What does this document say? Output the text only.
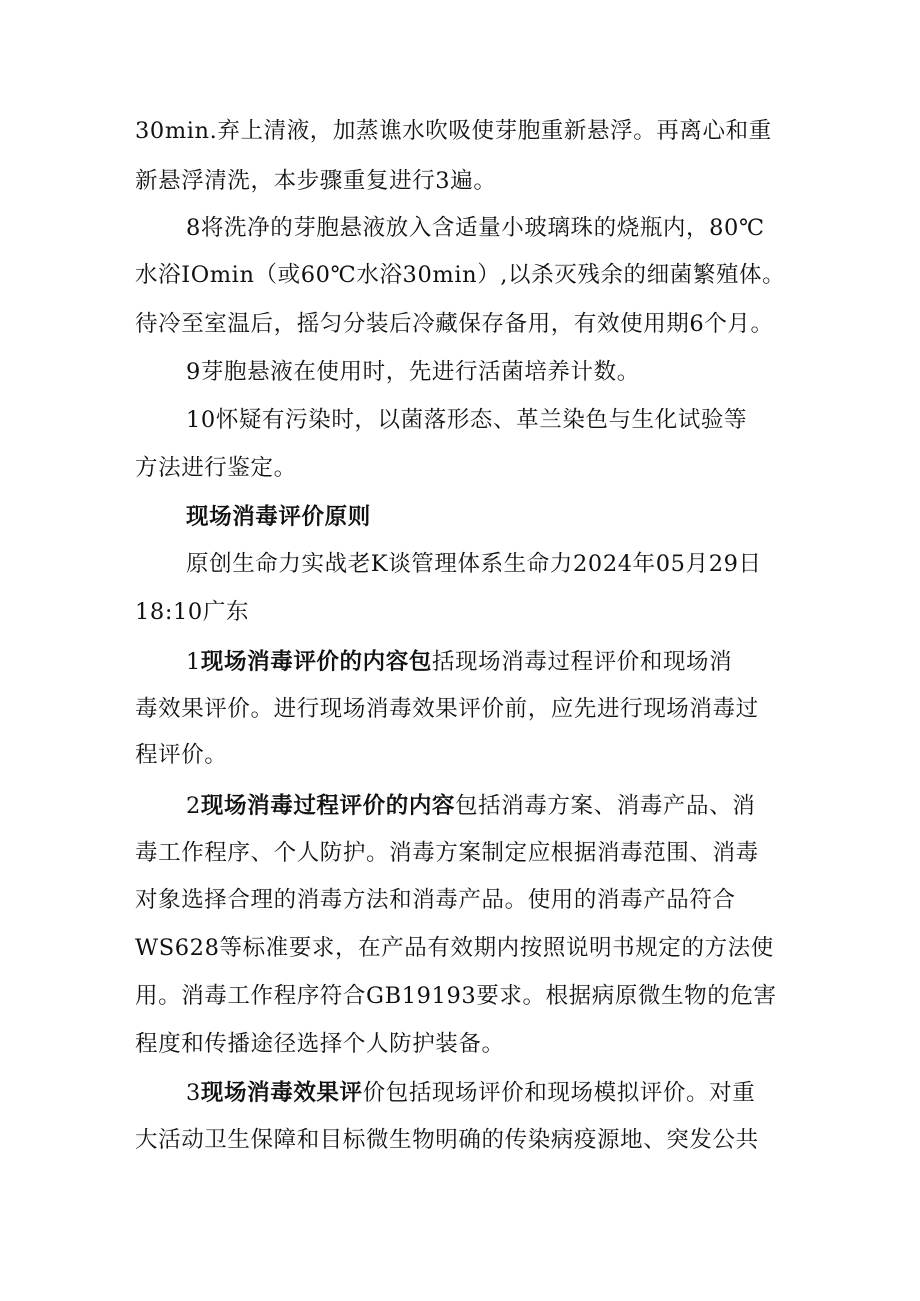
30min.弃上清液，加蒸谯水吹吸使芽胞重新悬浮。再离心和重
新悬浮清洗，本步骤重复进行3遍。
8将洗净的芽胞悬液放入含适量小玻璃珠的烧瓶内，80℃
水浴IOmin（或60℃水浴30min）,以杀灭残余的细菌繁殖体。
待冷至室温后，摇匀分装后冷藏保存备用，有效使用期6个月。
9芽胞悬液在使用时，先进行活菌培养计数。
10怀疑有污染时，以菌落形态、革兰染色与生化试验等
方法进行鉴定。
现场消毒评价原则
原创生命力实战老K谈管理体系生命力2024年05月29日
18:10广东
1现场消毒评价的内容包括现场消毒过程评价和现场消
毒效果评价。进行现场消毒效果评价前，应先进行现场消毒过
程评价。
2现场消毒过程评价的内容包括消毒方案、消毒产品、消
毒工作程序、个人防护。消毒方案制定应根据消毒范围、消毒
对象选择合理的消毒方法和消毒产品。使用的消毒产品符合
WS628等标准要求，在产品有效期内按照说明书规定的方法使
用。消毒工作程序符合GB19193要求。根据病原微生物的危害
程度和传播途径选择个人防护装备。
3现场消毒效果评价包括现场评价和现场模拟评价。对重
大活动卫生保障和目标微生物明确的传染病疫源地、突发公共
